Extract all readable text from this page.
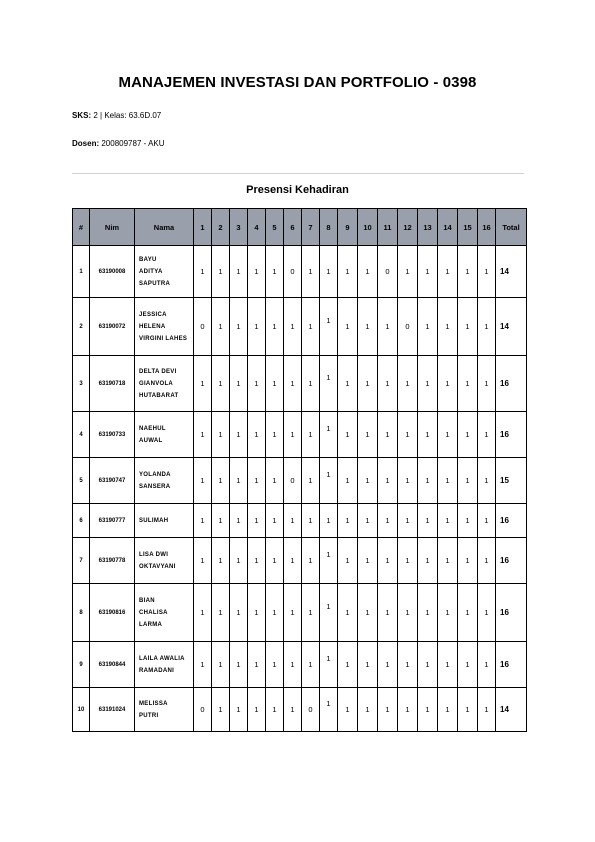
MANAJEMEN INVESTASI DAN PORTFOLIO - 0398
SKS: 2 | Kelas: 63.6D.07
Dosen: 200809787 - AKU
Presensi Kehadiran
#	Nim	Nama	1	2	3	4	5	6	7	8	9	10	11	12	13	14	15	16	Total
1	63190008	BAYU
ADITYA
SAPUTRA	1	1	1	1	1	0	1	1	1	1	0	1	1	1	1	1	14
2	63190072	JESSICA
HELENA
VIRGINI LAHES	0	1	1	1	1	1	1	1	1	1	1	0	1	1	1	1	14
3	63190718	DELTA DEVI
GIANVOLA
HUTABARAT	1	1	1	1	1	1	1	1	1	1	1	1	1	1	1	1	16
4	63190733	NAEHUL
AUWAL	1	1	1	1	1	1	1	1	1	1	1	1	1	1	1	1	16
5	63190747	YOLANDA
SANSERA	1	1	1	1	1	0	1	1	1	1	1	1	1	1	1	1	15
6	63190777	SULIMAH	1	1	1	1	1	1	1	1	1	1	1	1	1	1	1	1	16
7	63190778	LISA DWI
OKTAVYANI	1	1	1	1	1	1	1	1	1	1	1	1	1	1	1	1	16
8	63190816	BIAN
CHALISA
LARMA	1	1	1	1	1	1	1	1	1	1	1	1	1	1	1	1	16
9	63190844	LAILA AWALIA
RAMADANI	1	1	1	1	1	1	1	1	1	1	1	1	1	1	1	1	16
10	63191024	MELISSA
PUTRI	0	1	1	1	1	1	0	1	1	1	1	1	1	1	1	1	14
